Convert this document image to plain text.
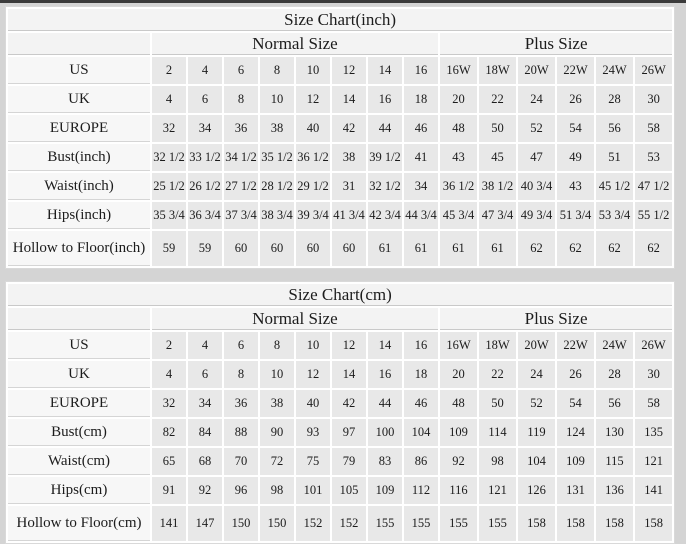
Size Chart(inch)														
	Normal Size								Plus Size					
US	2	4	6	8	10	12	14	16	16W	18W	20W	22W	24W	26W
UK	4	6	8	10	12	14	16	18	20	22	24	26	28	30
EUROPE	32	34	36	38	40	42	44	46	48	50	52	54	56	58
Bust(inch)	32 1/2	33 1/2	34 1/2	35 1/2	36 1/2	38	39 1/2	41	43	45	47	49	51	53
Waist(inch)	25 1/2	26 1/2	27 1/2	28 1/2	29 1/2	31	32 1/2	34	36 1/2	38 1/2	40 3/4	43	45 1/2	47 1/2
Hips(inch)	35 3/4	36 3/4	37 3/4	38 3/4	39 3/4	41 3/4	42 3/4	44 3/4	45 3/4	47 3/4	49 3/4	51 3/4	53 3/4	55 1/2
Hollow to Floor(inch)	59	59	60	60	60	60	61	61	61	61	62	62	62	62
Size Chart(cm)														
	Normal Size								Plus Size					
US	2	4	6	8	10	12	14	16	16W	18W	20W	22W	24W	26W
UK	4	6	8	10	12	14	16	18	20	22	24	26	28	30
EUROPE	32	34	36	38	40	42	44	46	48	50	52	54	56	58
Bust(cm)	82	84	88	90	93	97	100	104	109	114	119	124	130	135
Waist(cm)	65	68	70	72	75	79	83	86	92	98	104	109	115	121
Hips(cm)	91	92	96	98	101	105	109	112	116	121	126	131	136	141
Hollow to Floor(cm)	141	147	150	150	152	152	155	155	155	155	158	158	158	158
